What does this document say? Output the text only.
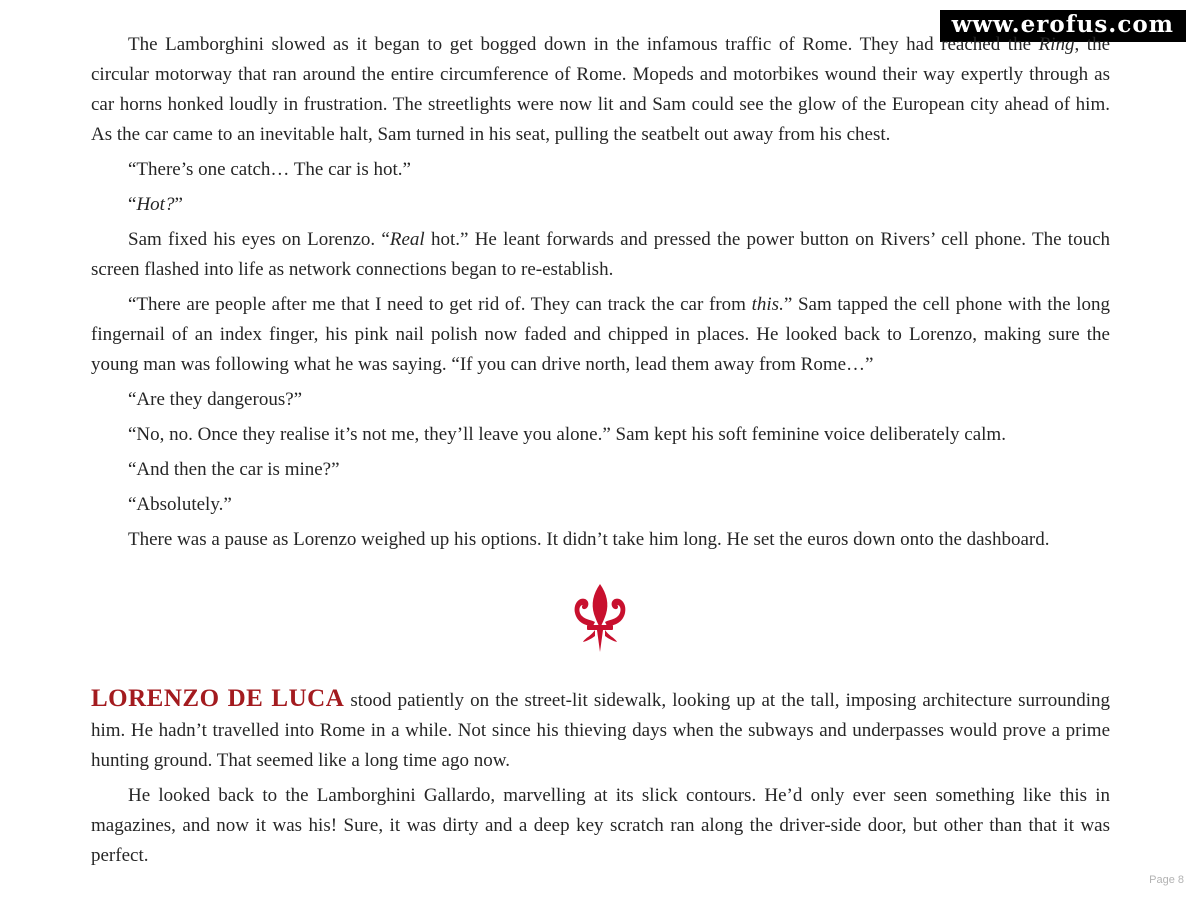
www.erofus.com

The Lamborghini slowed as it began to get bogged down in the infamous traffic of Rome. They had reached the Ring, the circular motorway that ran around the entire circumference of Rome. Mopeds and motorbikes wound their way expertly through as car horns honked loudly in frustration. The streetlights were now lit and Sam could see the glow of the European city ahead of him. As the car came to an inevitable halt, Sam turned in his seat, pulling the seatbelt out away from his chest.

“There’s one catch… The car is hot.”

“Hot?”

Sam fixed his eyes on Lorenzo. “Real hot.” He leant forwards and pressed the power button on Rivers’ cell phone. The touch screen flashed into life as network connections began to re-establish.

“There are people after me that I need to get rid of. They can track the car from this.” Sam tapped the cell phone with the long fingernail of an index finger, his pink nail polish now faded and chipped in places. He looked back to Lorenzo, making sure the young man was following what he was saying. “If you can drive north, lead them away from Rome…”

“Are they dangerous?”

“No, no. Once they realise it’s not me, they’ll leave you alone.” Sam kept his soft feminine voice deliberately calm.

“And then the car is mine?”

“Absolutely.”

There was a pause as Lorenzo weighed up his options. It didn’t take him long. He set the euros down onto the dashboard.

LORENZO DE LUCA stood patiently on the street-lit sidewalk, looking up at the tall, imposing architecture surrounding him. He hadn’t travelled into Rome in a while. Not since his thieving days when the subways and underpasses would prove a prime hunting ground. That seemed like a long time ago now.

He looked back to the Lamborghini Gallardo, marvelling at its slick contours. He’d only ever seen something like this in magazines, and now it was his! Sure, it was dirty and a deep key scratch ran along the driver-side door, but other than that it was perfect.

Page 8
